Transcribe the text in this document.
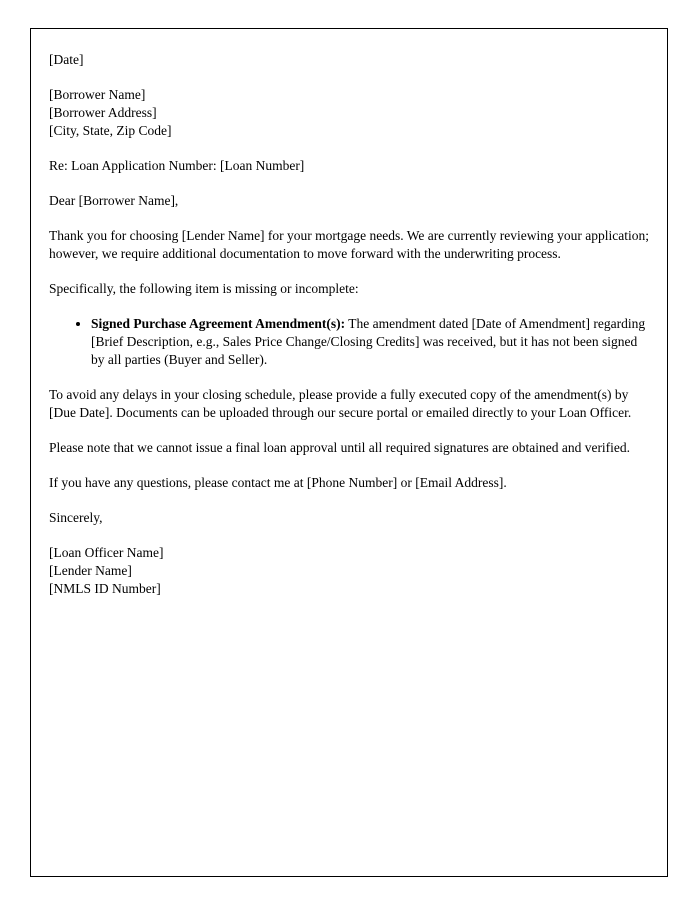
[Date]

[Borrower Name]

[Borrower Address]

[City, State, Zip Code]

Re: Loan Application Number: [Loan Number]

Dear [Borrower Name],

Thank you for choosing [Lender Name] for your mortgage needs. We are currently reviewing your application; however, we require additional documentation to move forward with the underwriting process.

Specifically, the following item is missing or incomplete:

• Signed Purchase Agreement Amendment(s): The amendment dated [Date of Amendment] regarding [Brief Description, e.g., Sales Price Change/Closing Credits] was received, but it has not been signed by all parties (Buyer and Seller).

To avoid any delays in your closing schedule, please provide a fully executed copy of the amendment(s) by [Due Date]. Documents can be uploaded through our secure portal or emailed directly to your Loan Officer.

Please note that we cannot issue a final loan approval until all required signatures are obtained and verified.

If you have any questions, please contact me at [Phone Number] or [Email Address].

Sincerely,

[Loan Officer Name]

[Lender Name]

[NMLS ID Number]
